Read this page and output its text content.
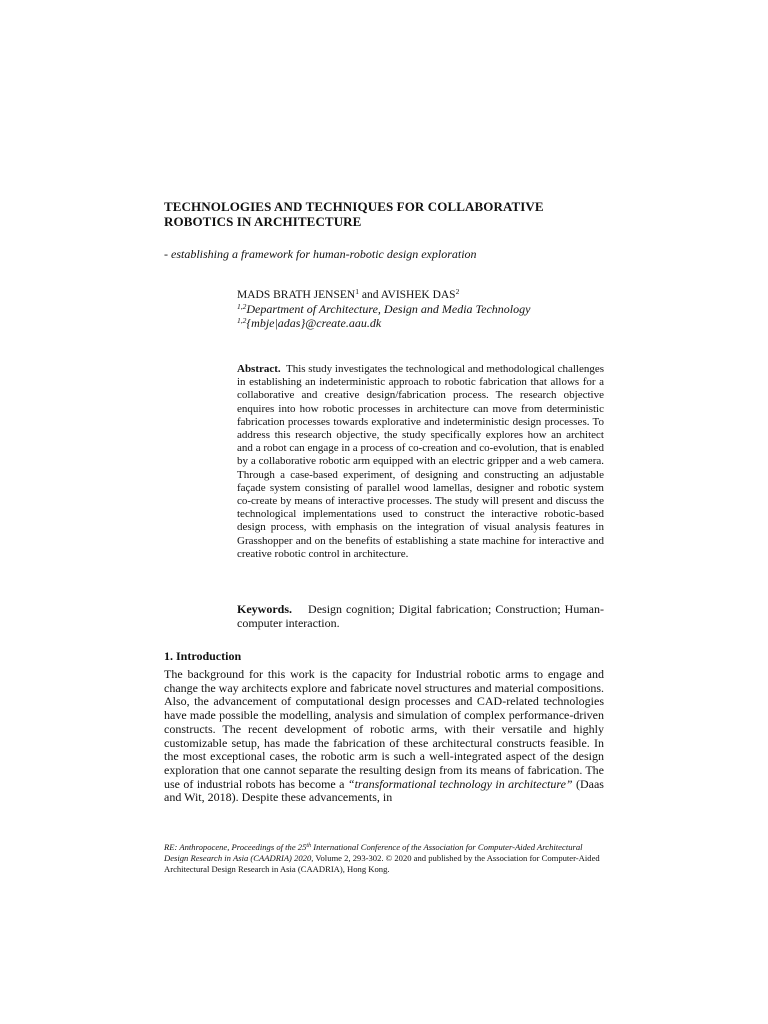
TECHNOLOGIES AND TECHNIQUES FOR COLLABORATIVE
ROBOTICS IN ARCHITECTURE
- establishing a framework for human-robotic design exploration
MADS BRATH JENSEN$^1$ and AVISHEK DAS$^2$
$^{1,2}$Department of Architecture, Design and Media Technology
$^{1,2}${mbje|adas}@create.aau.dk
Abstract. This study investigates the technological and methodological challenges in establishing an indeterministic approach to robotic fabrication that allows for a collaborative and creative design/fabrication process. The research objective enquires into how robotic processes in architecture can move from deterministic fabrication processes towards explorative and indeterministic design processes. To address this research objective, the study specifically explores how an architect and a robot can engage in a process of co-creation and co-evolution, that is enabled by a collaborative robotic arm equipped with an electric gripper and a web camera. Through a case-based experiment, of designing and constructing an adjustable façade system consisting of parallel wood lamellas, designer and robotic system co-create by means of interactive processes. The study will present and discuss the technological implementations used to construct the interactive robotic-based design process, with emphasis on the integration of visual analysis features in Grasshopper and on the benefits of establishing a state machine for interactive and creative robotic control in architecture.
Keywords. Design cognition; Digital fabrication; Construction; Human-computer interaction.
1. Introduction
The background for this work is the capacity for Industrial robotic arms to engage and change the way architects explore and fabricate novel structures and material compositions. Also, the advancement of computational design processes and CAD-related technologies have made possible the modelling, analysis and simulation of complex performance-driven constructs. The recent development of robotic arms, with their versatile and highly customizable setup, has made the fabrication of these architectural constructs feasible. In the most exceptional cases, the robotic arm is such a well-integrated aspect of the design exploration that one cannot separate the resulting design from its means of fabrication. The use of industrial robots has become a “transformational technology in architecture” (Daas and Wit, 2018). Despite these advancements, in
RE: Anthropocene, Proceedings of the 25th International Conference of the Association for Computer-Aided Architectural Design Research in Asia (CAADRIA) 2020, Volume 2, 293-302. © 2020 and published by the Association for Computer-Aided Architectural Design Research in Asia (CAADRIA), Hong Kong.
